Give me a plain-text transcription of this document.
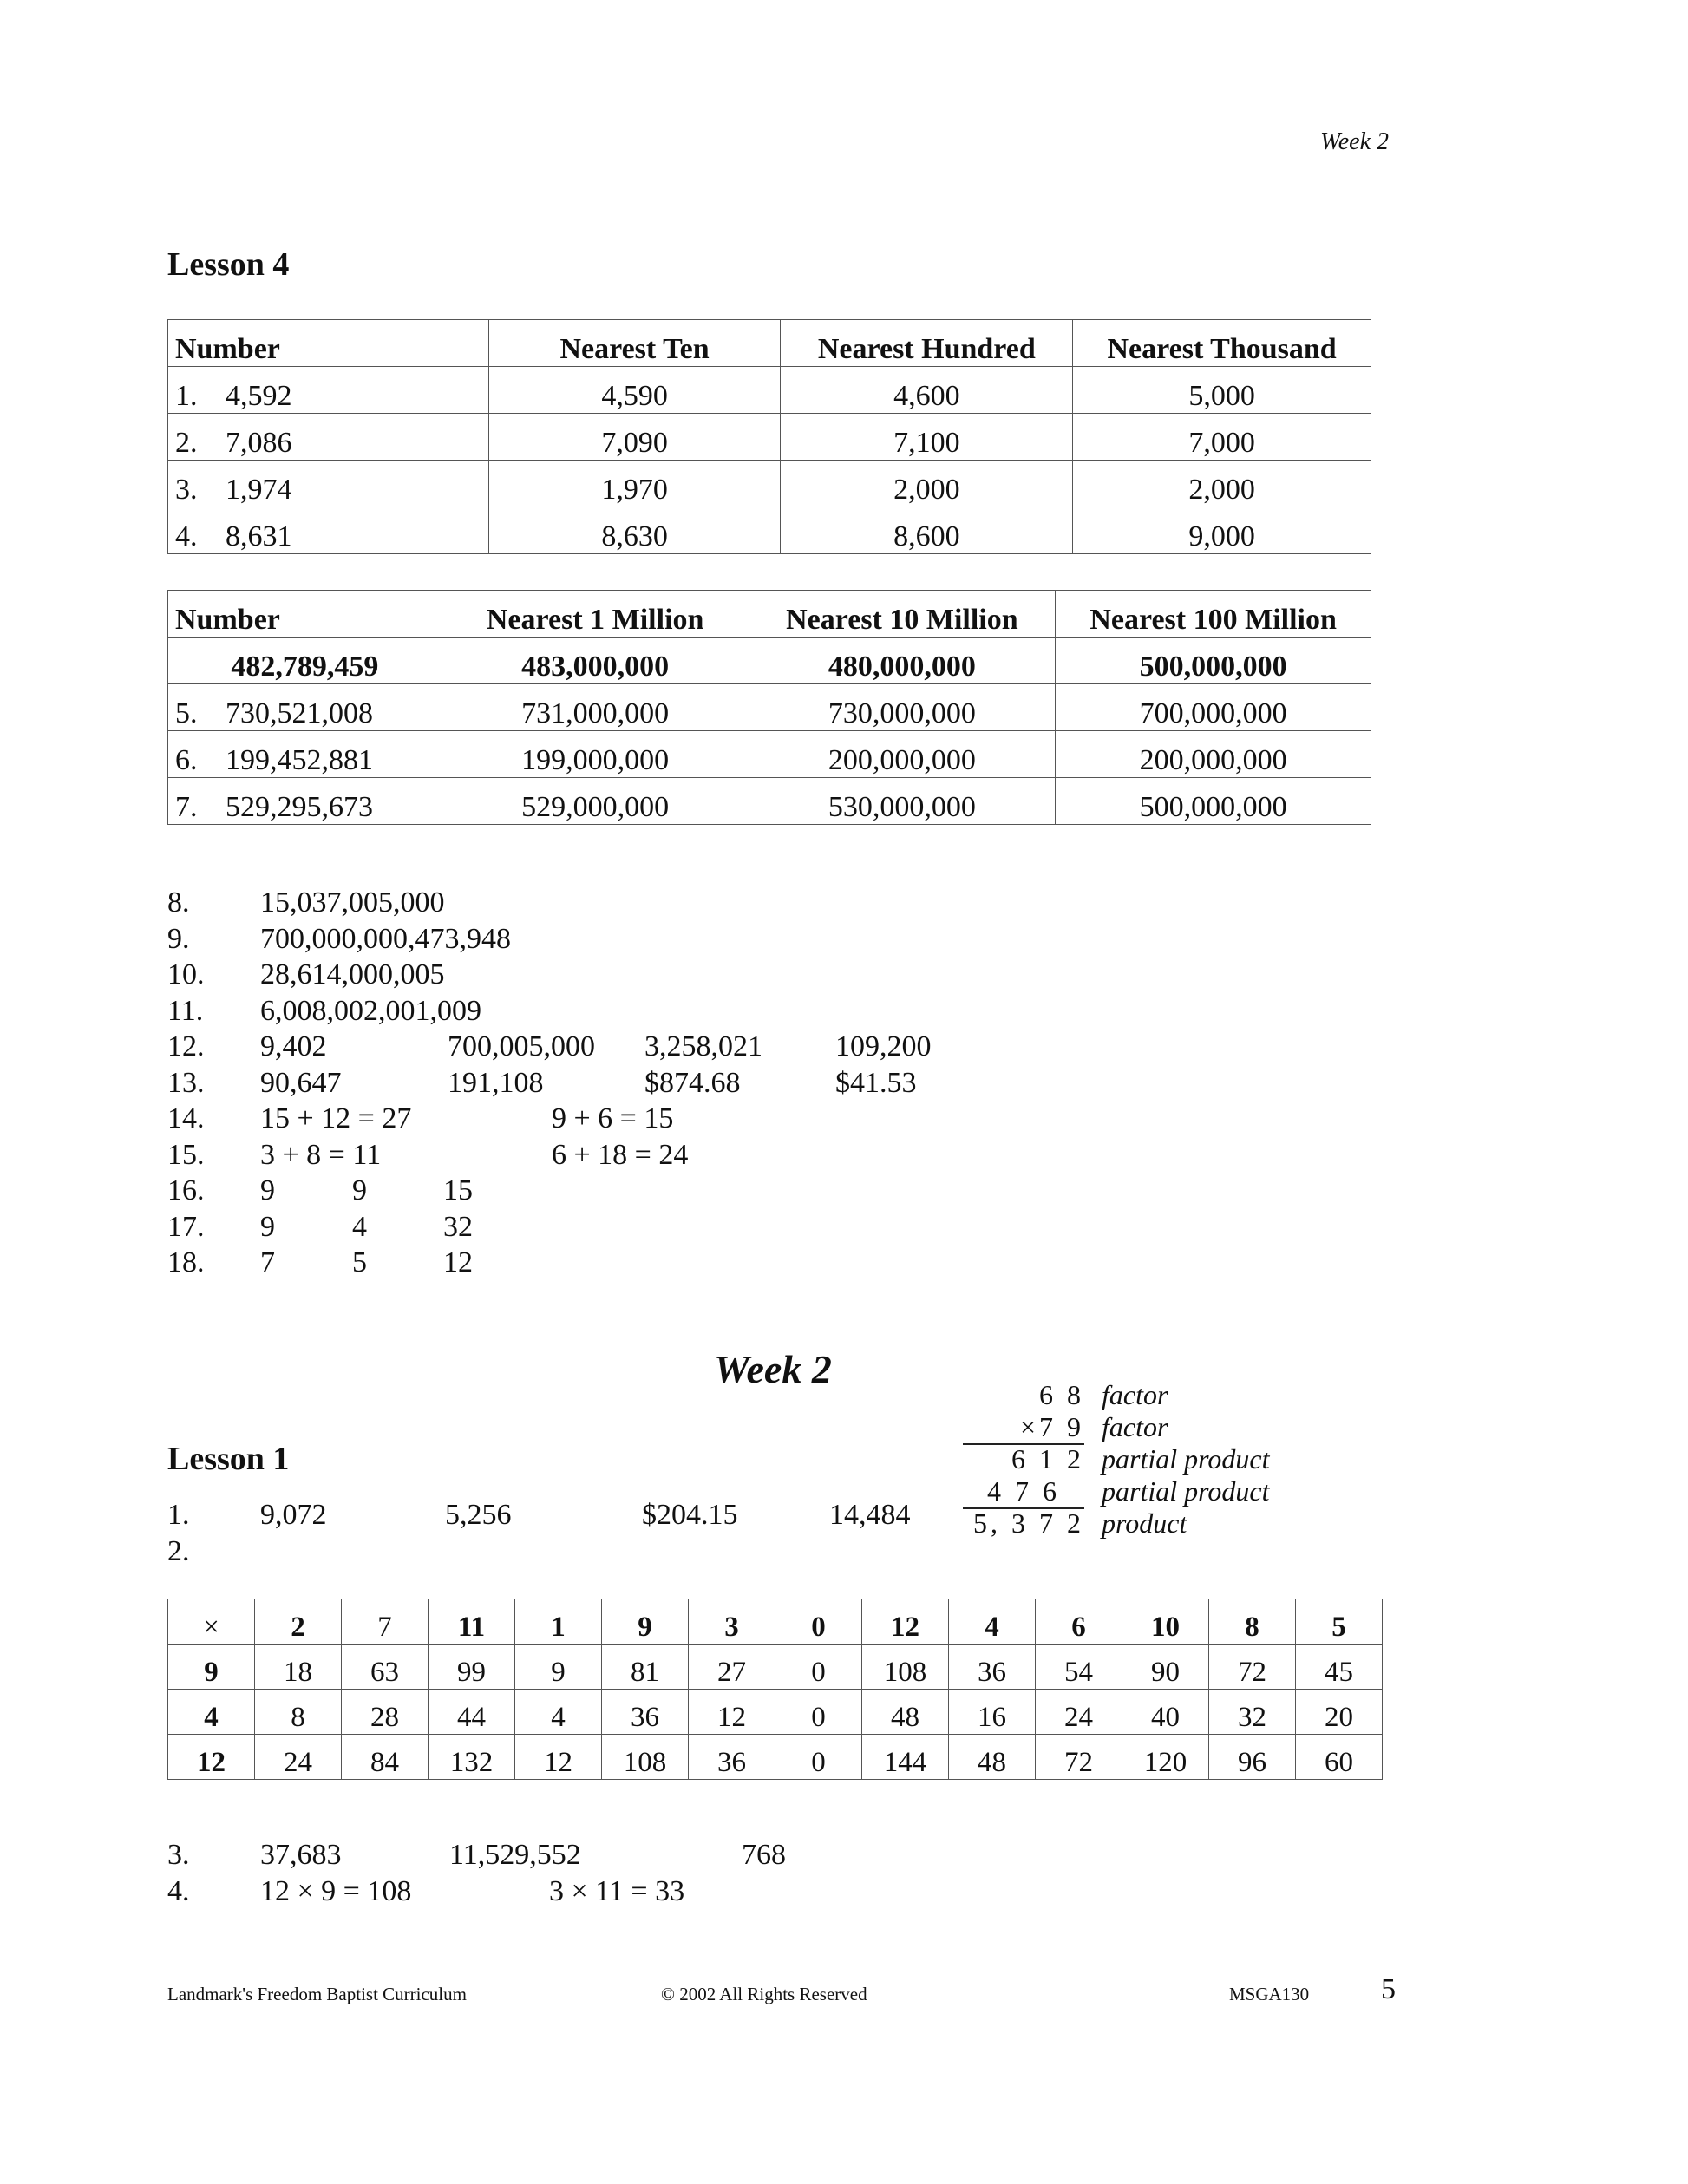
Week 2
Lesson 4
Number	Nearest Ten	Nearest Hundred	Nearest Thousand
1. 4,592	4,590	4,600	5,000
2. 7,086	7,090	7,100	7,000
3. 1,974	1,970	2,000	2,000
4. 8,631	8,630	8,600	9,000
Number	Nearest 1 Million	Nearest 10 Million	Nearest 100 Million
482,789,459	483,000,000	480,000,000	500,000,000
5. 730,521,008	731,000,000	730,000,000	700,000,000
6. 199,452,881	199,000,000	200,000,000	200,000,000
7. 529,295,673	529,000,000	530,000,000	500,000,000
8. 15,037,005,000
9. 700,000,000,473,948
10. 28,614,000,005
11. 6,008,002,001,009
12. 9,402	700,005,000 3,258,021 109,200
13. 90,647	191,108	$874.68	$41.53
14. 15 + 12 = 27	9 + 6 = 15
15. 3 + 8 = 11	6 + 18 = 24
16. 9	9	15
17. 9	4	32
18. 7	5	12
Week 2
6 8 factor
×7 9 factor
6 1 2 partial product
4 7 6 partial product
5, 3 7 2 product
Lesson 1
1. 9,072	5,256	$204.15	14,484
2.
×	2	7	11	1	9	3	0	12	4	6	10	8	5
9	18	63	99	9	81	27	0	108	36	54	90	72	45
4	8	28	44	4	36	12	0	48	16	24	40	32	20
12	24	84	132	12	108	36	0	144	48	72	120	96	60
3. 37,683	11,529,552	768
4. 12 × 9 = 108	3 × 11 = 33
Landmark's Freedom Baptist Curriculum	© 2002 All Rights Reserved	MSGA130 5
